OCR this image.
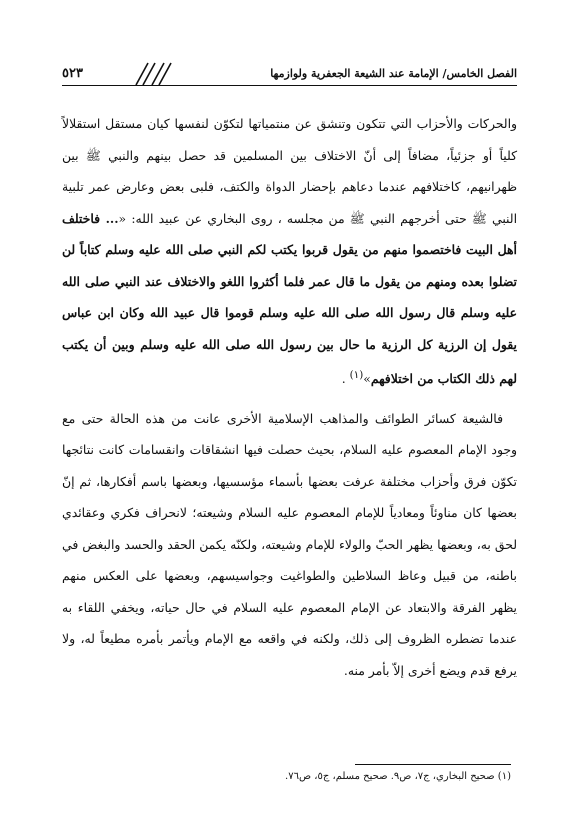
٥٢٣	الفصل الخامس/ الإمامة عند الشيعة الجعفرية ولوازمها

والحركات والأحزاب التي تتكون وتنشق عن منتمياتها لتكوّن لنفسها كيان مستقل استقلالاً كلياً أو جزئياً، مضافاً إلى أنّ الاختلاف بين المسلمين قد حصل بينهم والنبي ﷺ بين ظهرانيهم، كاختلافهم عندما دعاهم بإحضار الدواة والكتف، فلبى بعض وعارض عمر تلبية النبي ﷺ حتى أخرجهم النبي ﷺ من مجلسه ، روى البخاري عن عبيد الله: «... فاختلف أهل البيت فاختصموا منهم من يقول قربوا يكتب لكم النبي صلى الله عليه وسلم كتاباً لن تضلوا بعده ومنهم من يقول ما قال عمر فلما أكثروا اللغو والاختلاف عند النبي صلى الله عليه وسلم قال رسول الله صلى الله عليه وسلم قوموا قال عبيد الله وكان ابن عباس يقول إن الرزية كل الرزية ما حال بين رسول الله صلى الله عليه وسلم وبين أن يكتب لهم ذلك الكتاب من اختلافهم»$^{(١)}$ .

فالشيعة كسائر الطوائف والمذاهب الإسلامية الأخرى عانت من هذه الحالة حتى مع وجود الإمام المعصوم عليه السلام، بحيث حصلت فيها انشقاقات وانقسامات كانت نتائجها تكوّن فرق وأحزاب مختلفة عرفت بعضها بأسماء مؤسسيها، وبعضها باسم أفكارها، ثم إنّ بعضها كان مناوئاً ومعادياً للإمام المعصوم عليه السلام وشيعته؛ لانحراف فكري وعقائدي لحق به، وبعضها يظهر الحبّ والولاء للإمام وشيعته، ولكنّه يكمن الحقد والحسد والبغض في باطنه، من قبيل وعاظ السلاطين والطواغيت وجواسيسهم، وبعضها على العكس منهم يظهر الفرقة والابتعاد عن الإمام المعصوم عليه السلام في حال حياته، ويخفي اللقاء به عندما تضطره الظروف إلى ذلك، ولكنه في واقعه مع الإمام ويأتمر بأمره مطيعاً له، ولا يرفع قدم ويضع أخرى إلاّ بأمر منه.

(١) صحيح البخاري، ج٧، ص٩. صحيح مسلم، ج٥، ص٧٦.
